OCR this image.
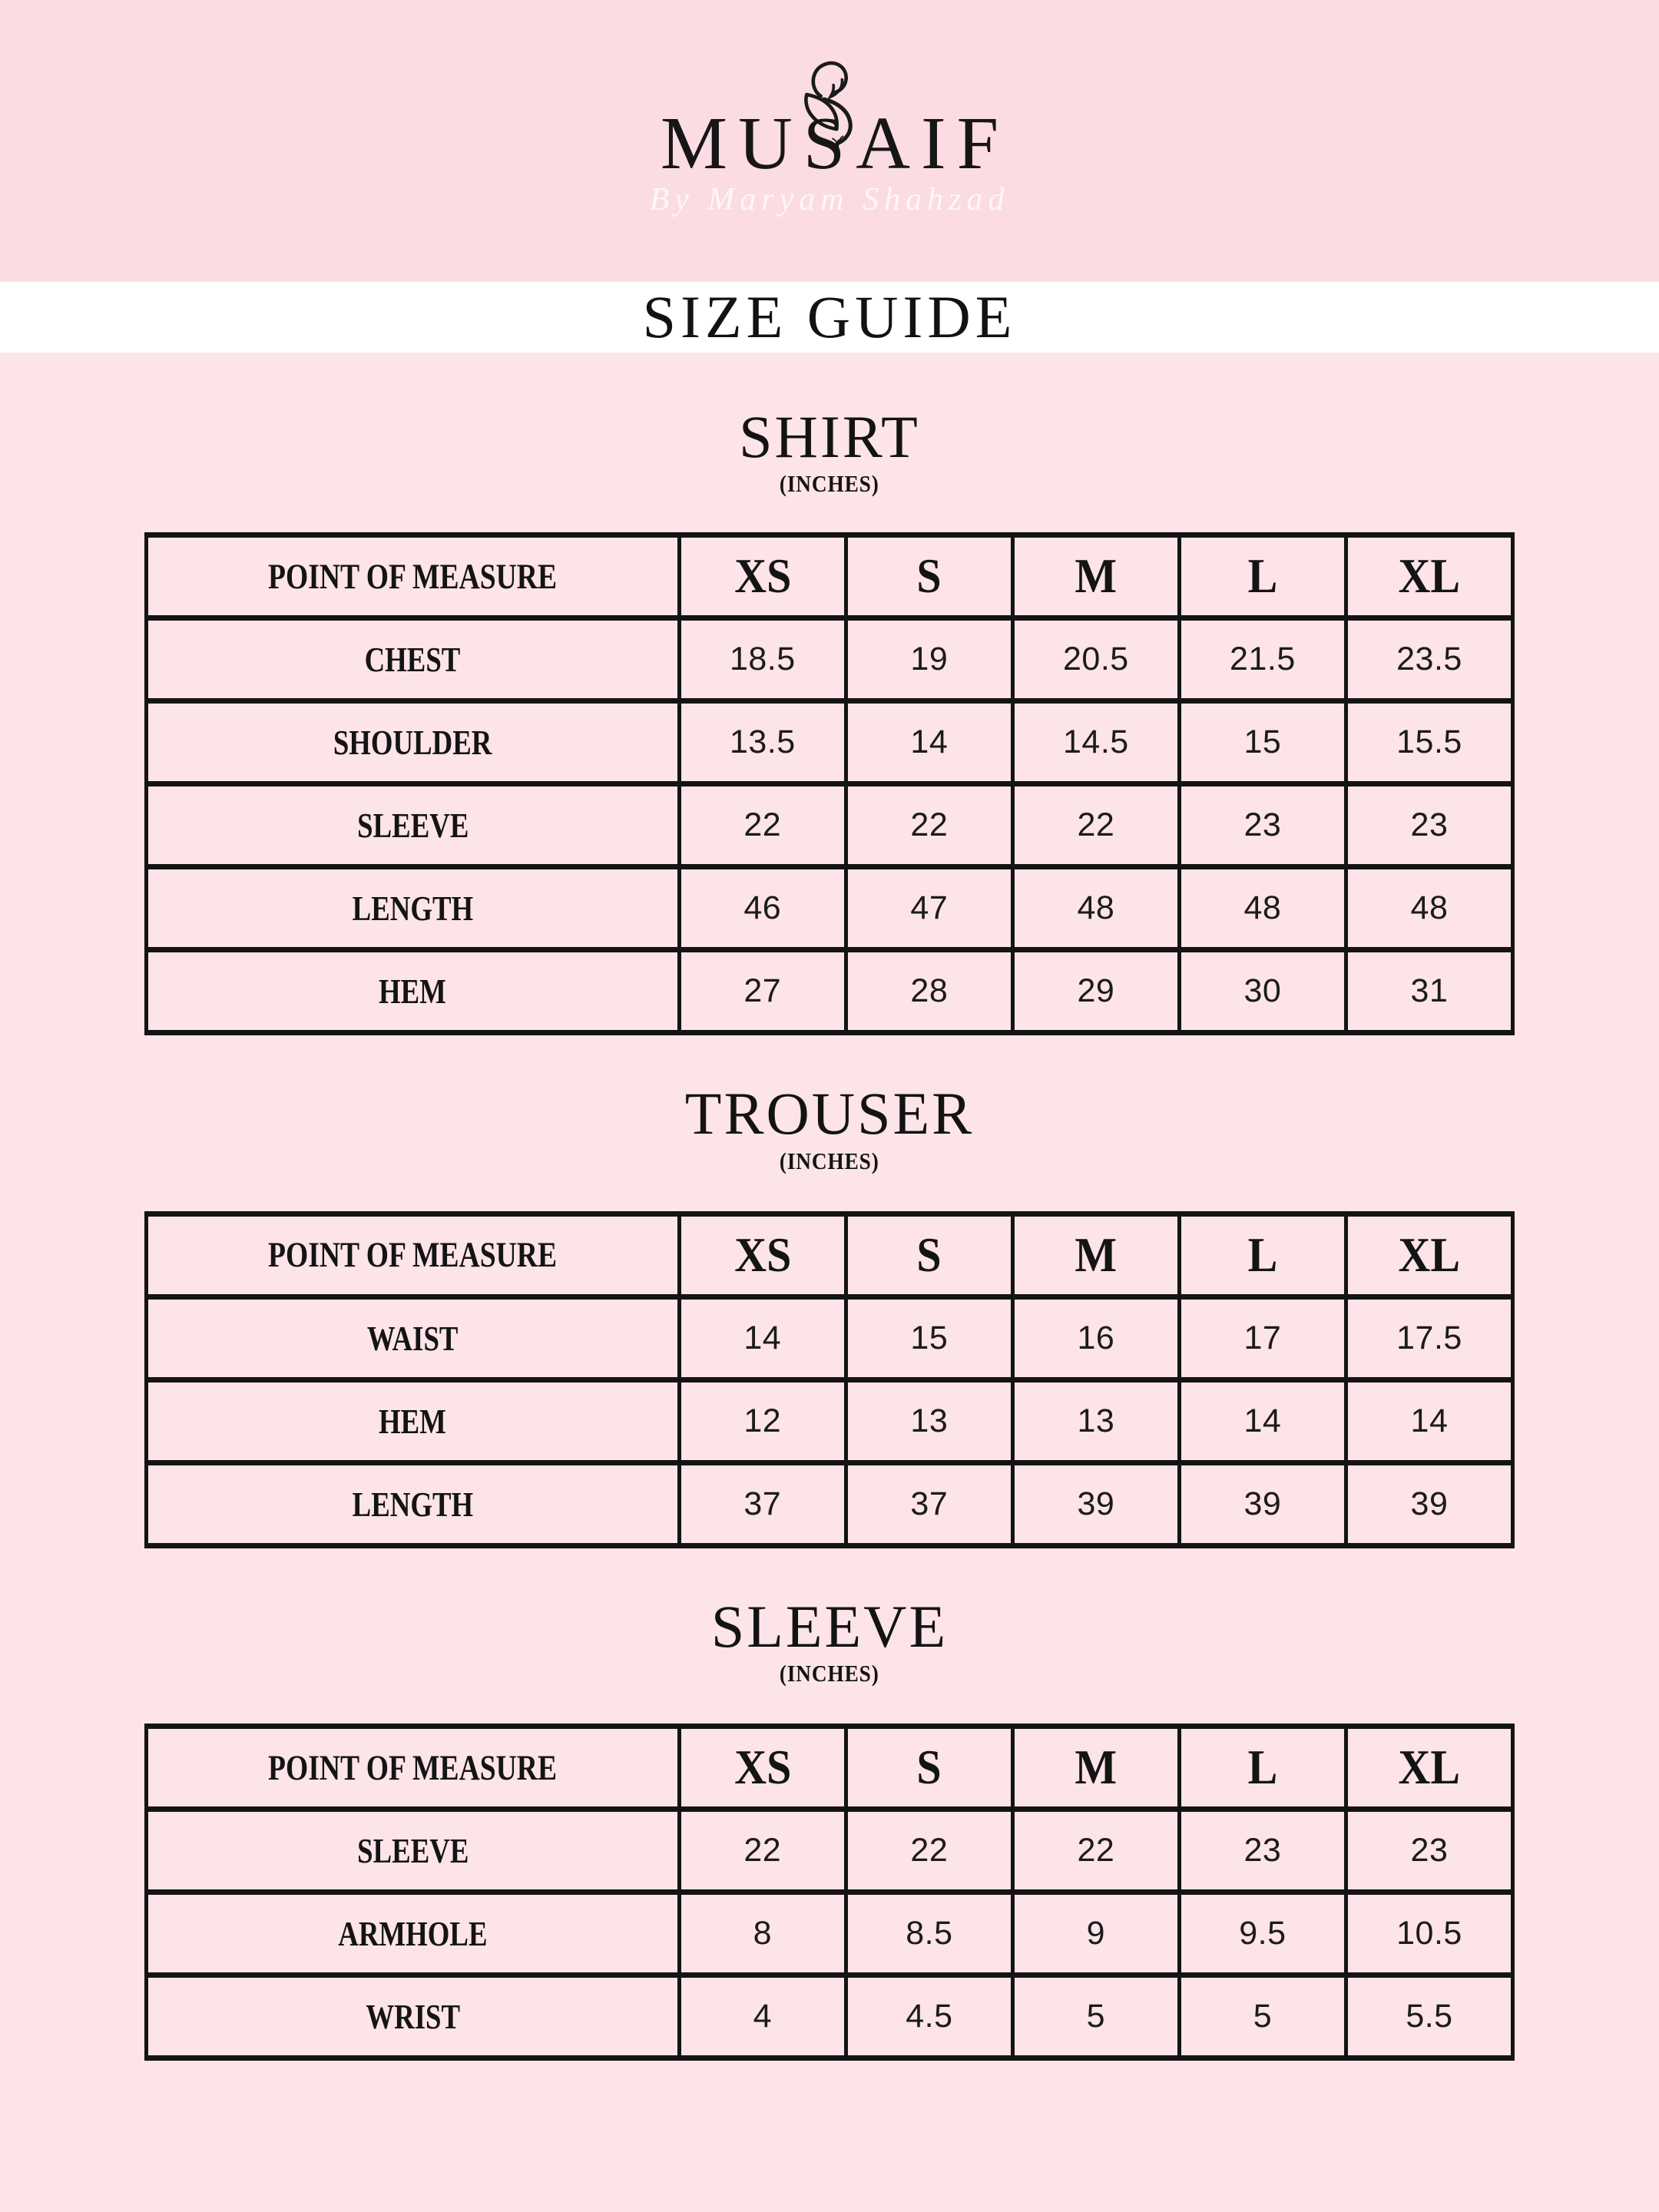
MUSAIF
By Maryam Shahzad
SIZE GUIDE
SHIRT
(INCHES)
POINT OF MEASURE	XS	S	M	L	XL
CHEST	18.5	19	20.5	21.5	23.5
SHOULDER	13.5	14	14.5	15	15.5
SLEEVE	22	22	22	23	23
LENGTH	46	47	48	48	48
HEM	27	28	29	30	31
TROUSER
(INCHES)
POINT OF MEASURE	XS	S	M	L	XL
WAIST	14	15	16	17	17.5
HEM	12	13	13	14	14
LENGTH	37	37	39	39	39
SLEEVE
(INCHES)
POINT OF MEASURE	XS	S	M	L	XL
SLEEVE	22	22	22	23	23
ARMHOLE	8	8.5	9	9.5	10.5
WRIST	4	4.5	5	5	5.5
